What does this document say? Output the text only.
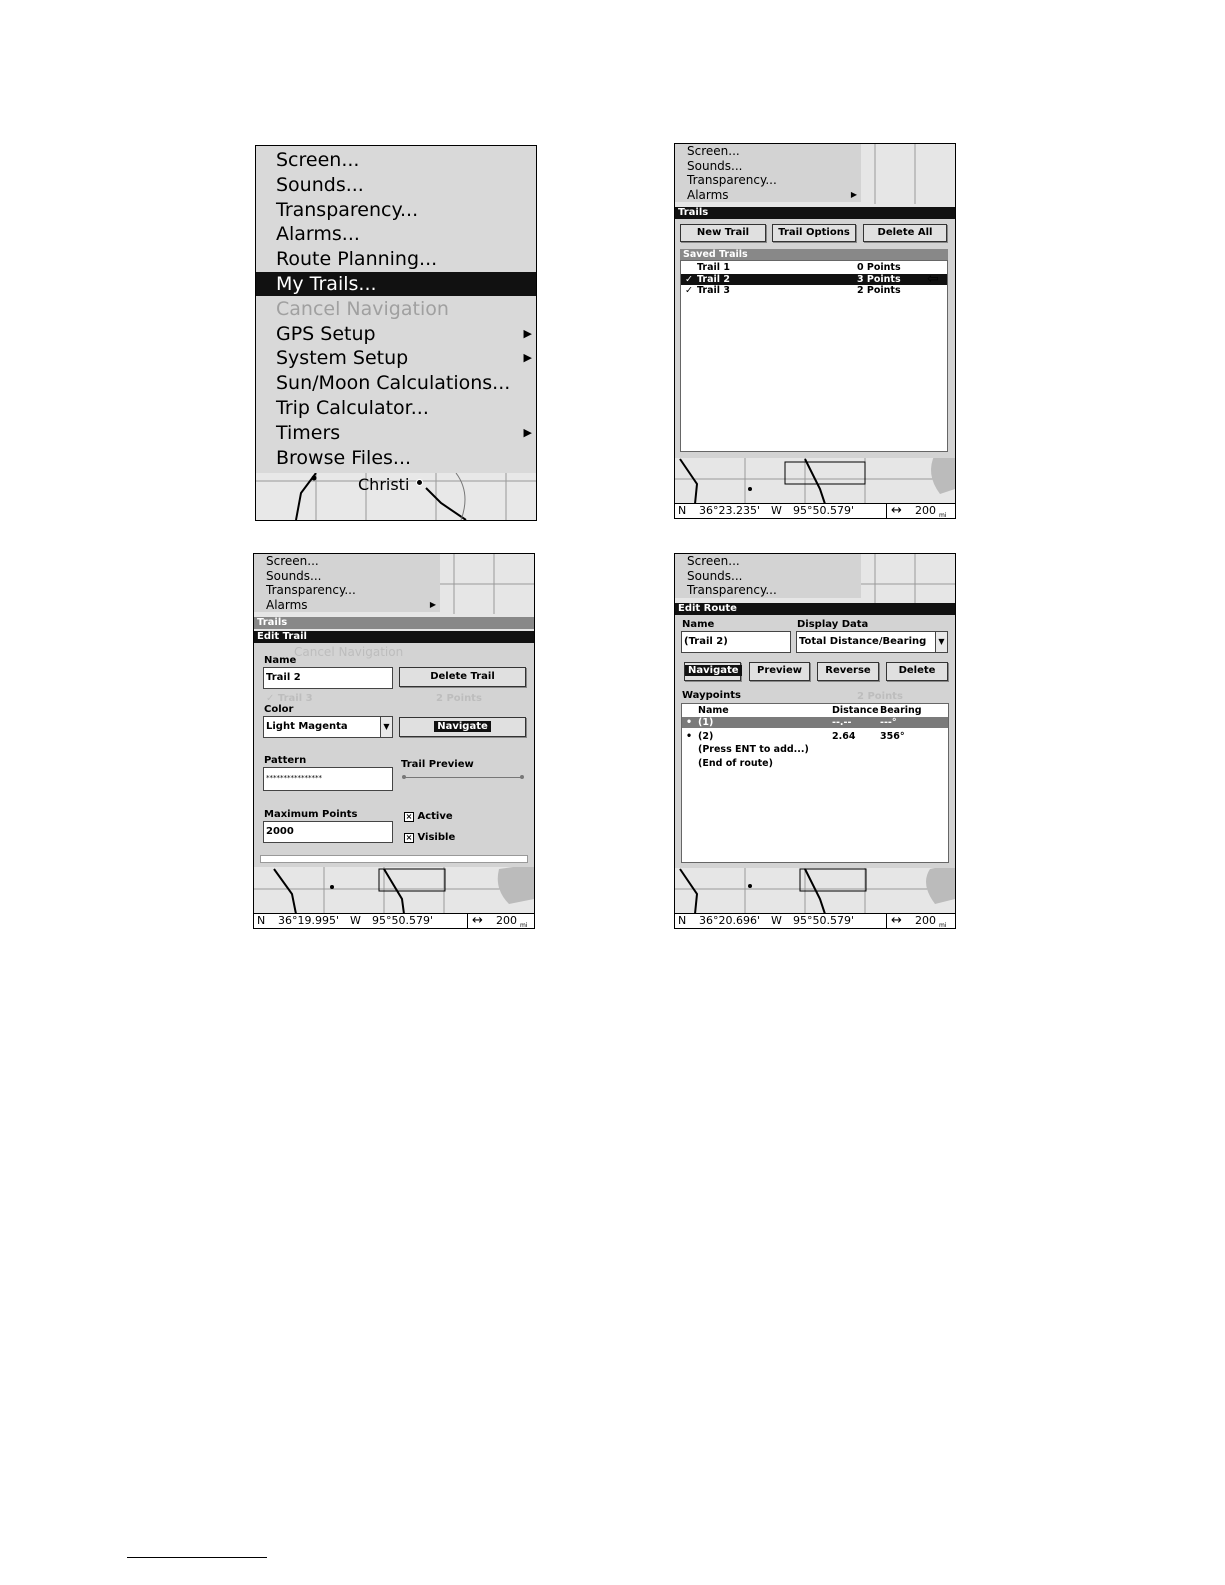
Christi
Screen...
Sounds...
Transparency...
Alarms...
Route Planning...
My Trails...
Cancel Navigation
GPS Setup	▶
System Setup	▶
Sun/Moon Calculations...
Trip Calculator...
Timers	▶
Browse Files...
Screen...
Sounds...
Transparency...
Alarms	▶
Trails
New Trail	Trail Options	Delete All
Saved Trails
Trail 1	0 Points
✓ Trail 2	3 Points
✓ Trail 3	2 Points
⇦
N 36°23.235' W 95°50.579'	↔ 200 mi
Screen...
Sounds...
Transparency...
Alarms	▶
Trails
Edit Trail
Cancel Navigation
Name
Trail 2	Delete Trail
✓ Trail 3	2 Points
Color
Light Magenta	▼	Navigate
Pattern
****************
Trail Preview
Maximum Points
2000
× Active
× Visible
N 36°19.995' W 95°50.579'	↔ 200 mi
Screen...
Sounds...
Transparency...
Edit Route
Name
(Trail 2)
Display Data
Total Distance/Bearing	▼
Navigate	Preview	Reverse	Delete
Waypoints	2 Points
Name	Distance Bearing
• (1)	--.--	---°
• (2)	2.64	356°
(Press ENT to add...)
(End of route)
N 36°20.696' W 95°50.579'	↔ 200 mi
